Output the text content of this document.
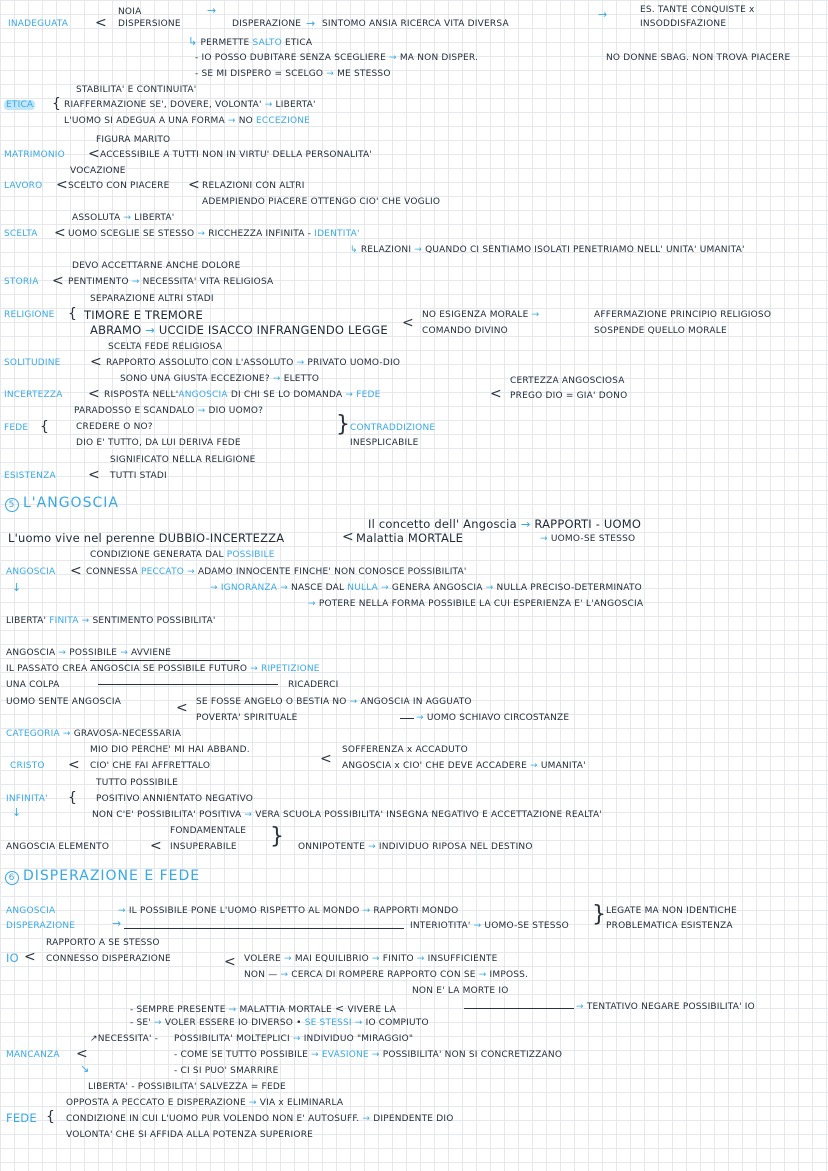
INADEGUATA <
NOIA
DISPERSIONE
→
DISPERAZIONE → SINTOMO ANSIA RICERCA VITA DIVERSA
→	ES. TANTE CONQUISTE x
INSODDISFAZIONE
↳ PERMETTE SALTO ETICA
- IO POSSO DUBITARE SENZA SCEGLIERE → MA NON DISPER.	NO DONNE SBAG. NON TROVA PIACERE
- SE MI DISPERO = SCELGO → ME STESSO
STABILITA' E CONTINUITA'
ETICA { RIAFFERMAZIONE SE', DOVERE, VOLONTA' → LIBERTA'
L'UOMO SI ADEGUA A UNA FORMA → NO ECCEZIONE
FIGURA MARITO
MATRIMONIO < ACCESSIBILE A TUTTI NON IN VIRTU' DELLA PERSONALITA'
VOCAZIONE
LAVORO < SCELTO CON PIACERE < RELAZIONI CON ALTRI
ADEMPIENDO PIACERE OTTENGO CIO' CHE VOGLIO
ASSOLUTA → LIBERTA'
SCELTA < UOMO SCEGLIE SE STESSO → RICCHEZZA INFINITA - IDENTITA'
↳ RELAZIONI → QUANDO CI SENTIAMO ISOLATI PENETRIAMO NELL' UNITA' UMANITA'
DEVO ACCETTARNE ANCHE DOLORE
STORIA < PENTIMENTO → NECESSITA' VITA RELIGIOSA
SEPARAZIONE ALTRI STADI
RELIGIONE { TIMORE E TREMORE
ABRAMO → UCCIDE ISACCO INFRANGENDO LEGGE < NO ESIGENZA MORALE →
COMANDO DIVINO
AFFERMAZIONE PRINCIPIO RELIGIOSO
SOSPENDE QUELLO MORALE
SCELTA FEDE RELIGIOSA
SOLITUDINE < RAPPORTO ASSOLUTO CON L'ASSOLUTO → PRIVATO UOMO-DIO
SONO UNA GIUSTA ECCEZIONE? → ELETTO
INCERTEZZA < RISPOSTA NELL'ANGOSCIA DI CHI SE LO DOMANDA → FEDE	<
CERTEZZA ANGOSCIOSA
PREGO DIO = GIA' DONO
PARADOSSO E SCANDALO → DIO UOMO?
FEDE {	CREDERE O NO?	} CONTRADDIZIONE
DIO E' TUTTO, DA LUI DERIVA FEDE	INESPLICABILE
SIGNIFICATO NELLA RELIGIONE
ESISTENZA < TUTTI STADI
5 L'ANGOSCIA
Il concetto dell' Angoscia → RAPPORTI - UOMO
→ UOMO-SE STESSO
L'uomo vive nel perenne DUBBIO-INCERTEZZA	< Malattia MORTALE
CONDIZIONE GENERATA DAL POSSIBILE
ANGOSCIA < CONNESSA PECCATO → ADAMO INNOCENTE FINCHE' NON CONOSCE POSSIBILITA'
↓	→ IGNORANZA → NASCE DAL NULLA → GENERA ANGOSCIA → NULLA PRECISO-DETERMINATO
→ POTERE NELLA FORMA POSSIBILE LA CUI ESPERIENZA E' L'ANGOSCIA
LIBERTA' FINITA → SENTIMENTO POSSIBILITA'
ANGOSCIA → POSSIBILE → AVVIENE
IL PASSATO CREA ANGOSCIA SE POSSIBILE FUTURO → RIPETIZIONE
UNA COLPA	RICADERCI
UOMO SENTE ANGOSCIA	< SE FOSSE ANGELO O BESTIA NO → ANGOSCIA IN AGGUATO
POVERTA' SPIRITUALE	→ UOMO SCHIAVO CIRCOSTANZE
CATEGORIA → GRAVOSA-NECESSARIA
MIO DIO PERCHE' MI HAI ABBAND.
CRISTO < CIO' CHE FAI AFFRETTALO	<
SOFFERENZA x ACCADUTO
ANGOSCIA x CIO' CHE DEVE ACCADERE → UMANITA'
TUTTO POSSIBILE
INFINITA' { POSITIVO ANNIENTATO NEGATIVO
↓	NON C'E' POSSIBILITA' POSITIVA → VERA SCUOLA POSSIBILITA' INSEGNA NEGATIVO E ACCETTAZIONE REALTA'
FONDAMENTALE
ANGOSCIA ELEMENTO	< INSUPERABILE } ONNIPOTENTE → INDIVIDUO RIPOSA NEL DESTINO
6 DISPERAZIONE E FEDE
ANGOSCIA
DISPERAZIONE
→ IL POSSIBILE PONE L'UOMO RISPETTO AL MONDO → RAPPORTI MONDO
→	INTERIOTITA' → UOMO-SE STESSO } LEGATE MA NON IDENTICHE
PROBLEMATICA ESISTENZA
RAPPORTO A SE STESSO
IO < CONNESSO DISPERAZIONE	< VOLERE → MAI EQUILIBRIO → FINITO → INSUFFICIENTE
NON — → CERCA DI ROMPERE RAPPORTO CON SE → IMPOSS.
NON E' LA MORTE IO
- SEMPRE PRESENTE → MALATTIA MORTALE < VIVERE LA	→ TENTATIVO NEGARE POSSIBILITA' IO
- SE' → VOLER ESSERE IO DIVERSO • SE STESSI → IO COMPIUTO
↗NECESSITA' - POSSIBILITA' MOLTEPLICI → INDIVIDUO "MIRAGGIO"
MANCANZA <	- COME SE TUTTO POSSIBILE → EVASIONE → POSSIBILITA' NON SI CONCRETIZZANO
- CI SI PUO' SMARRIRE
↘
LIBERTA' - POSSIBILITA' SALVEZZA = FEDE
OPPOSTA A PECCATO E DISPERAZIONE → VIA x ELIMINARLA
FEDE { CONDIZIONE IN CUI L'UOMO PUR VOLENDO NON E' AUTOSUFF. → DIPENDENTE DIO
VOLONTA' CHE SI AFFIDA ALLA POTENZA SUPERIORE
